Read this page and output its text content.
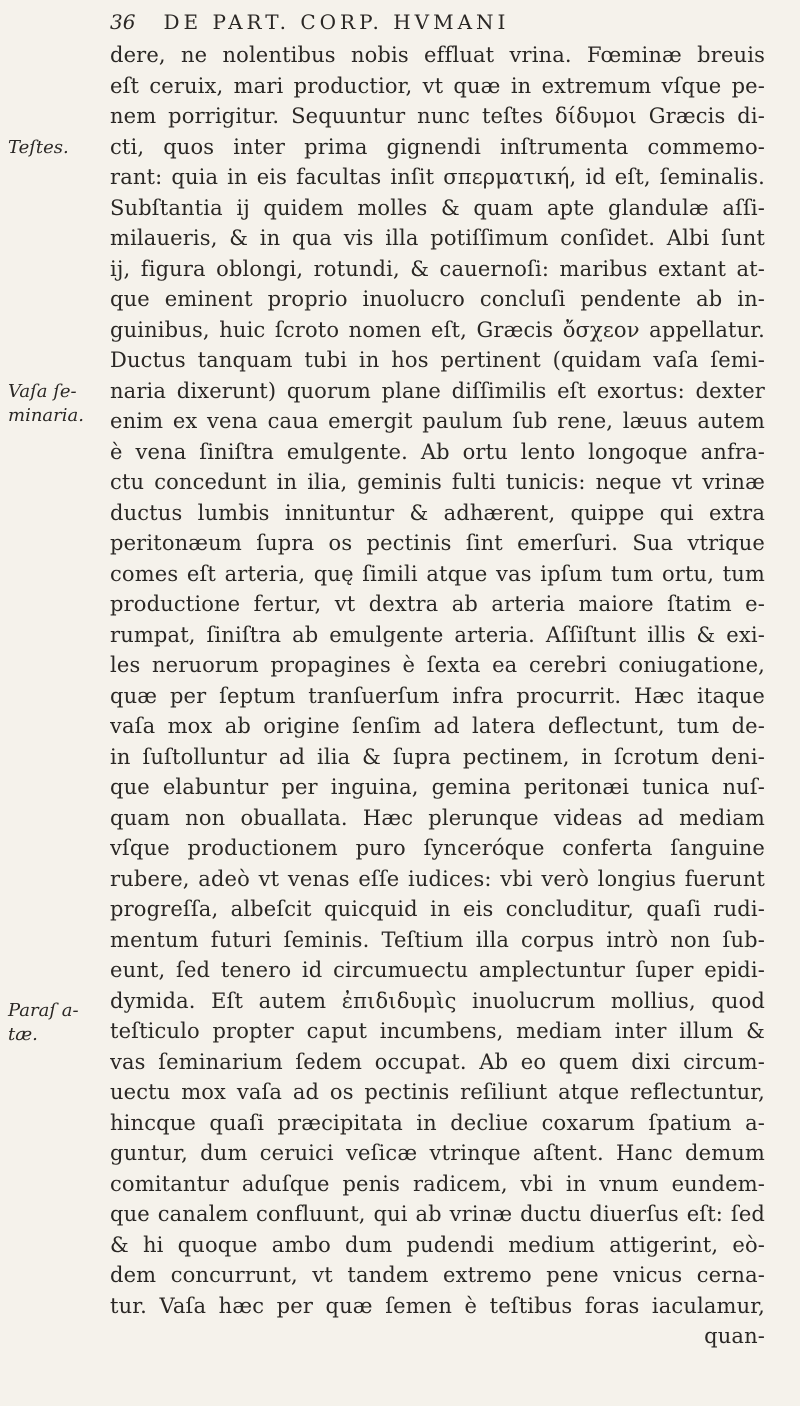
36 DE PART. CORP. HVMANI
Teſtes.
Vaſa ſe-
minaria.
Paraſ a-
tæ.
dere, ne nolentibus nobis effluat vrina. Fœminæ breuis
eſt ceruix, mari productior, vt quæ in extremum vſque pe-
nem porrigitur. Sequuntur nunc teſtes δίδυμοι Græcis di-
cti, quos inter prima gignendi inſtrumenta commemo-
rant: quia in eis facultas inſit σπερματική, id eſt, ſeminalis.
Subſtantia ij quidem molles & quam apte glandulæ aſſi-
milaueris, & in qua vis illa potiſſimum conſidet. Albi ſunt
ij, figura oblongi, rotundi, & cauernoſi: maribus extant at-
que eminent proprio inuolucro concluſi pendente ab in-
guinibus, huic ſcroto nomen eſt, Græcis ὄσχεον appellatur.
Ductus tanquam tubi in hos pertinent (quidam vaſa ſemi-
naria dixerunt) quorum plane diſſimilis eſt exortus: dexter
enim ex vena caua emergit paulum ſub rene, læuus autem
è vena ſiniſtra emulgente. Ab ortu lento longoque anfra-
ctu concedunt in ilia, geminis fulti tunicis: neque vt vrinæ
ductus lumbis innituntur & adhærent, quippe qui extra
peritonæum ſupra os pectinis ſint emerſuri. Sua vtrique
comes eſt arteria, quę ſimili atque vas ipſum tum ortu, tum
productione fertur, vt dextra ab arteria maiore ſtatim e-
rumpat, ſiniſtra ab emulgente arteria. Aſſiſtunt illis & exi-
les neruorum propagines è ſexta ea cerebri coniugatione,
quæ per ſeptum tranſuerſum infra procurrit. Hæc itaque
vaſa mox ab origine ſenſim ad latera deflectunt, tum de-
in ſuſtolluntur ad ilia & ſupra pectinem, in ſcrotum deni-
que elabuntur per inguina, gemina peritonæi tunica nuſ-
quam non obuallata. Hæc plerunque videas ad mediam
vſque productionem puro ſynceróque conferta ſanguine
rubere, adeò vt venas eſſe iudices: vbi verò longius fuerunt
progreſſa, albeſcit quicquid in eis concluditur, quaſi rudi-
mentum futuri ſeminis. Teſtium illa corpus intrò non ſub-
eunt, ſed tenero id circumuectu amplectuntur ſuper epidi-
dymida. Eſt autem ἐπιδιδυμὶς inuolucrum mollius, quod
teſticulo propter caput incumbens, mediam inter illum &
vas ſeminarium ſedem occupat. Ab eo quem dixi circum-
uectu mox vaſa ad os pectinis reſiliunt atque reflectuntur,
hincque quaſi præcipitata in decliue coxarum ſpatium a-
guntur, dum ceruici veſicæ vtrinque aſtent. Hanc demum
comitantur aduſque penis radicem, vbi in vnum eundem-
que canalem confluunt, qui ab vrinæ ductu diuerſus eſt: ſed
& hi quoque ambo dum pudendi medium attigerint, eò-
dem concurrunt, vt tandem extremo pene vnicus cerna-
tur. Vaſa hæc per quæ ſemen è teſtibus foras iaculamur,
quan-
